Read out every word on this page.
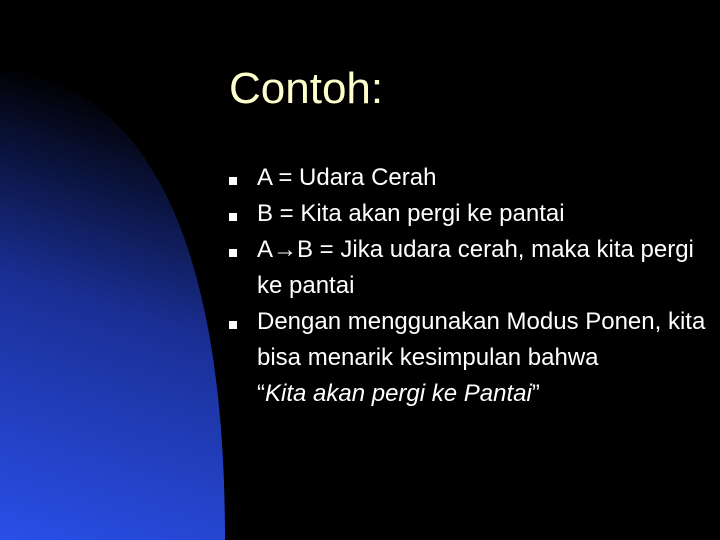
Contoh:
A = Udara Cerah
B = Kita akan pergi ke pantai
A→B = Jika udara cerah, maka kita pergi ke pantai
Dengan menggunakan Modus Ponen, kita bisa menarik kesimpulan bahwa
“Kita akan pergi ke Pantai”
